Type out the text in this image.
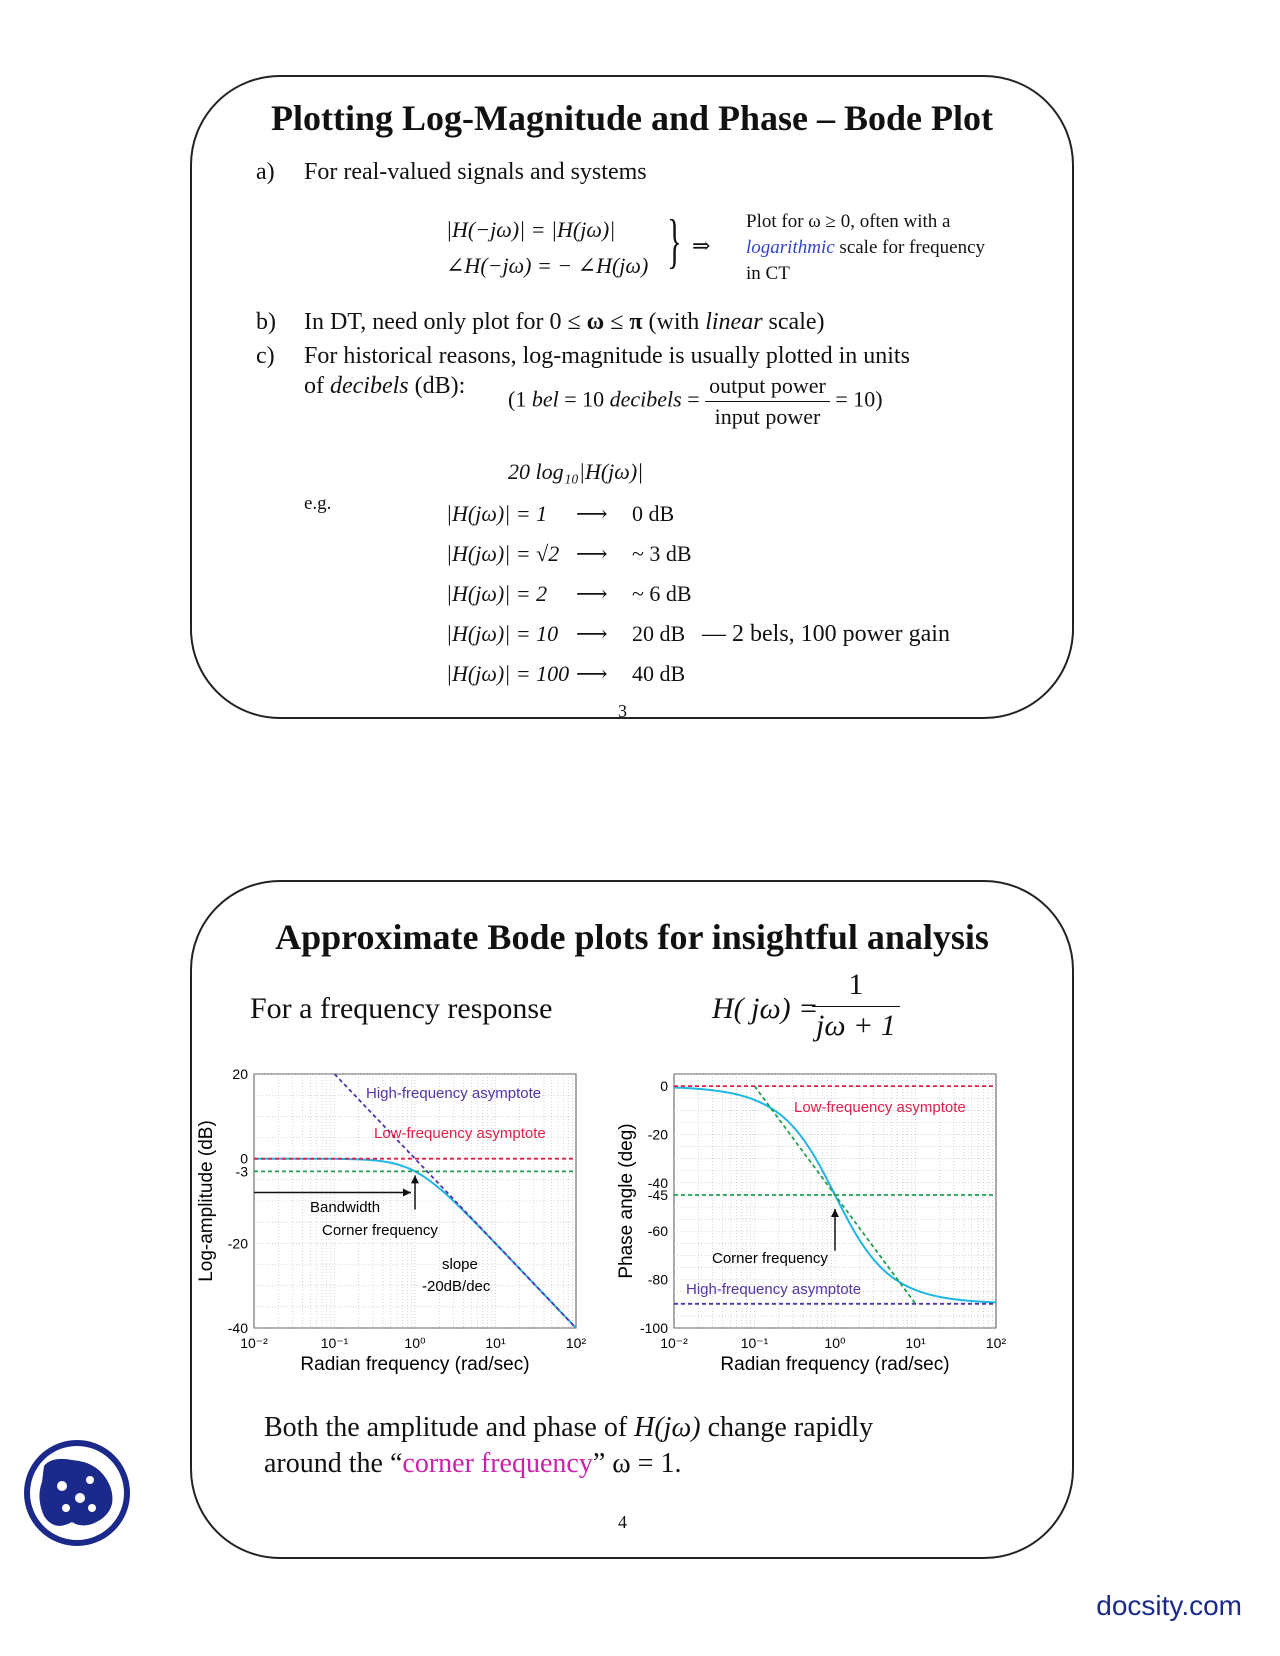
Plotting Log-Magnitude and Phase – Bode Plot
a) For real-valued signals and systems
|H(−jω)| = |H(jω)|
∠H(−jω) = − ∠H(jω) } ⇒
Plot for ω ≥ 0, often with a
logarithmic scale for frequency
in CT
b) In DT, need only plot for 0 ≤ ω ≤ π (with linear scale)
c) For historical reasons, log-magnitude is usually plotted in units
of decibels (dB):
(1 bel = 10 decibels = $\frac{\text{output power}}{\text{input power}} = 10$)
20 log₁₀|H(jω)|
e.g.
3
|H(jω)| = 1 ⟶ 0 dB
|H(jω)| = √2 ⟶ ~ 3 dB
|H(jω)| = 2 ⟶ ~ 6 dB
|H(jω)| = 10 ⟶ 20 dB — 2 bels, 100 power gain
|H(jω)| = 100 ⟶ 40 dB
Approximate Bode plots for insightful analysis
For a frequency response	H( jω) =
$\frac{1}{j\omega + 1}$
10⁻²	10⁻¹	10⁰	10¹	10²
Radian frequency (rad/sec)
20
0
-3
-20
-40
Log-amplitude (dB)
High-frequency asymptote
Low-frequency asymptote
Bandwidth
Corner frequency
slope
-20dB/dec
10⁻²	10⁻¹	10⁰	10¹	10²
Radian frequency (rad/sec)
0
-20
-40
-45
-60
-80
-100
Phase angle (deg)
Low-frequency asymptote
Corner frequency
High-frequency asymptote
Both the amplitude and phase of H(jω) change rapidly
around the “corner frequency” ω = 1.
4
docsity.com
